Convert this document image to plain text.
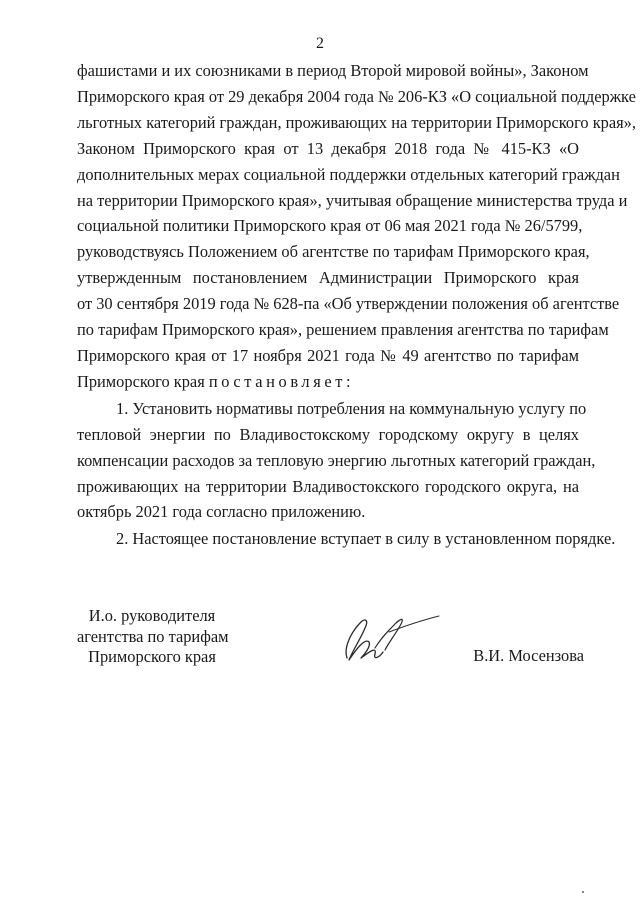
2
фашистами и их союзниками в период Второй мировой войны», Законом
Приморского края от 29 декабря 2004 года № 206-КЗ «О социальной поддержке
льготных категорий граждан, проживающих на территории Приморского края»,
Законом Приморского края от 13 декабря 2018 года № 415-КЗ «О
дополнительных мерах социальной поддержки отдельных категорий граждан
на территории Приморского края», учитывая обращение министерства труда и
социальной политики Приморского края от 06 мая 2021 года № 26/5799,
руководствуясь Положением об агентстве по тарифам Приморского края,
утвержденным постановлением Администрации Приморского края
от 30 сентября 2019 года № 628-па «Об утверждении положения об агентстве
по тарифам Приморского края», решением правления агентства по тарифам
Приморского края от 17 ноября 2021 года № 49 агентство по тарифам
Приморского края постановляет:
1. Установить нормативы потребления на коммунальную услугу по
тепловой энергии по Владивостокскому городскому округу в целях
компенсации расходов за тепловую энергию льготных категорий граждан,
проживающих на территории Владивостокского городского округа, на
октябрь 2021 года согласно приложению.
2. Настоящее постановление вступает в силу в установленном порядке.
И.о. руководителя
агентства по тарифам
Приморского края	В.И. Мосензова
